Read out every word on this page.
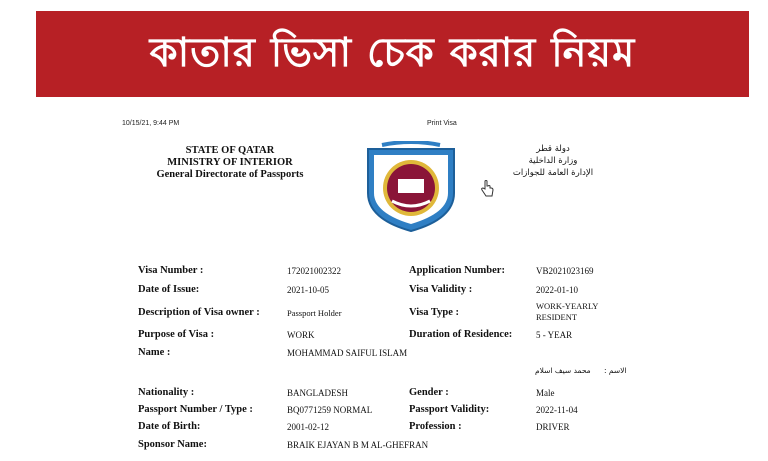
কাতার ভিসা চেক করার নিয়ম
10/15/21, 9:44 PM	Print Visa
STATE OF QATAR
MINISTRY OF INTERIOR
General Directorate of Passports
دولة قطر
وزارة الداخلية
الإدارة العامة للجوازات
Visa Number :	172021002322	Application Number:	VB2021023169
Date of Issue:	2021-10-05	Visa Validity :	2022-01-10
Description of Visa owner :	Passport Holder	Visa Type :
WORK-YEARLY
RESIDENT
Purpose of Visa :	WORK	Duration of Residence:	5 - YEAR
Name :	MOHAMMAD SAIFUL ISLAM
محمد سيف اسلام الاسم :
Nationality :	BANGLADESH	Gender :	Male
Passport Number / Type :	BQ0771259 NORMAL	Passport Validity:	2022-11-04
Date of Birth:	2001-02-12	Profession :	DRIVER
Sponsor Name:	BRAIK EJAYAN B M AL-GHEFRAN
